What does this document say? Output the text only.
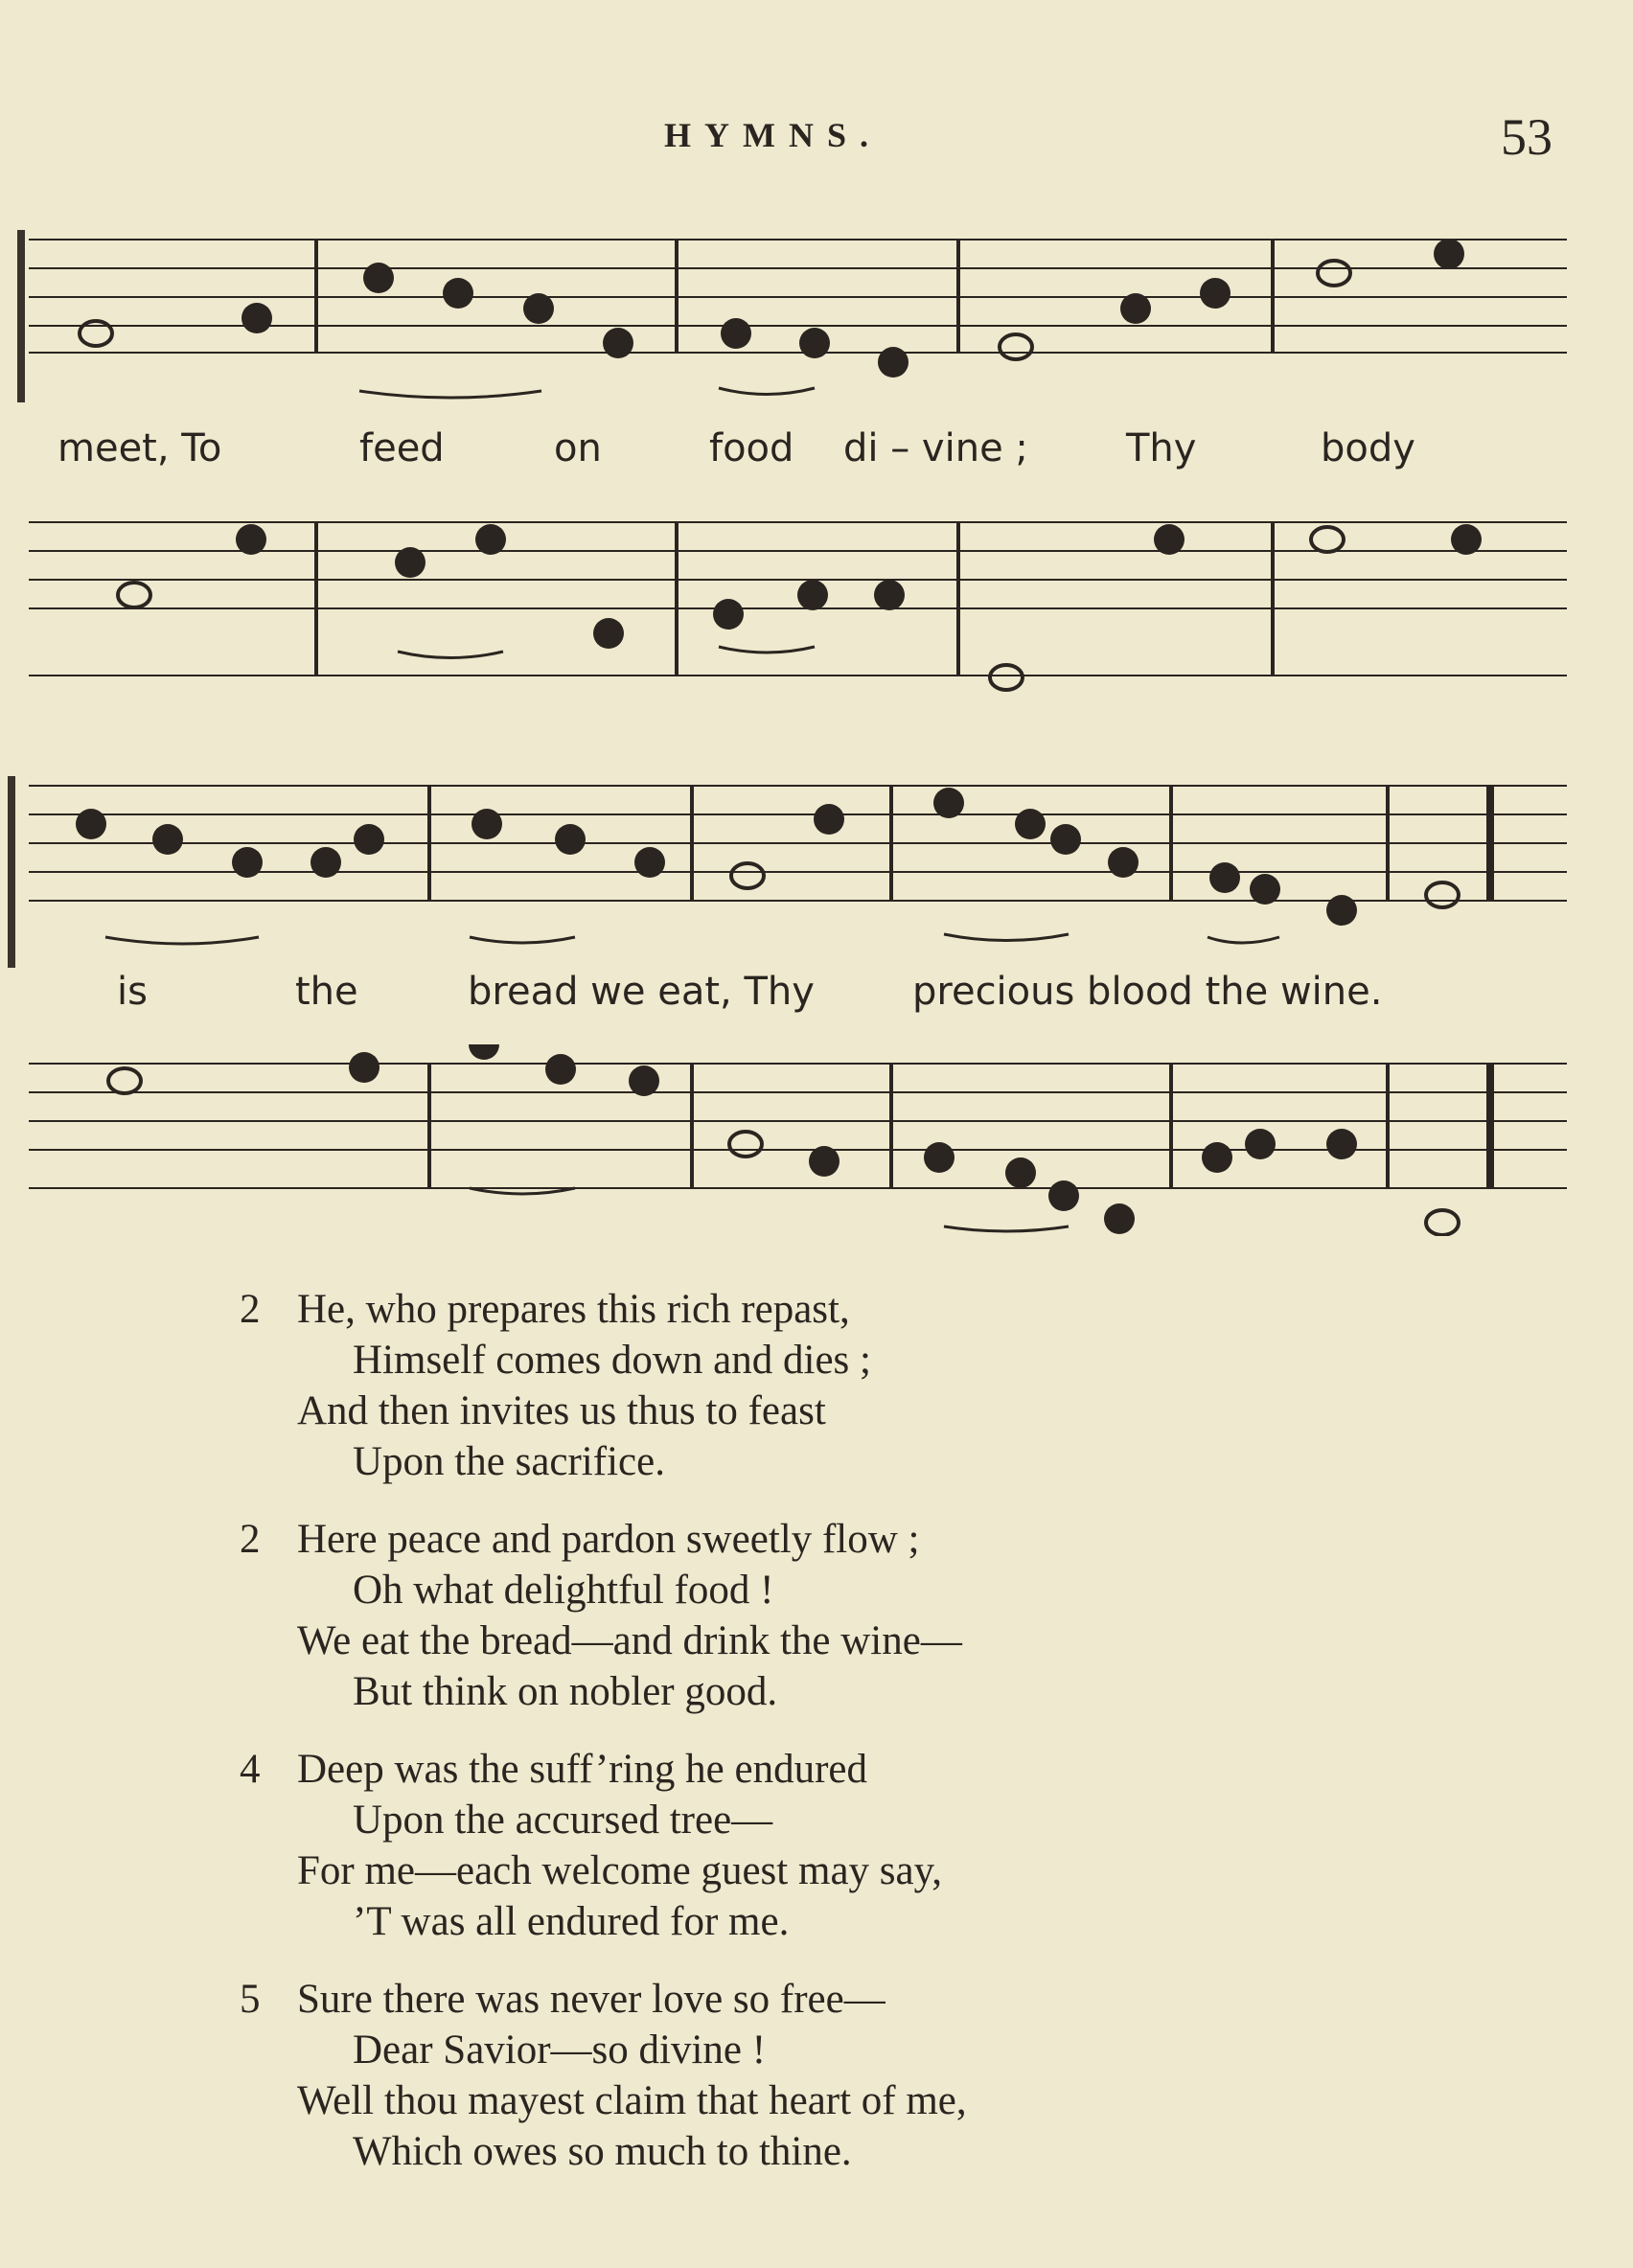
HYMNS.	53
meet, To	feed	on	food di – vine ;	Thy	body
is	the	bread we eat, Thy	precious blood the wine.
2 He, who prepares this rich repast,
Himself comes down and dies ;
And then invites us thus to feast
Upon the sacrifice.
2 Here peace and pardon sweetly flow ;
Oh what delightful food !
We eat the bread—and drink the wine—
But think on nobler good.
4 Deep was the suff’ring he endured
Upon the accursed tree—
For me—each welcome guest may say,
’T was all endured for me.
5 Sure there was never love so free—
Dear Savior—so divine !
Well thou mayest claim that heart of me,
Which owes so much to thine.
